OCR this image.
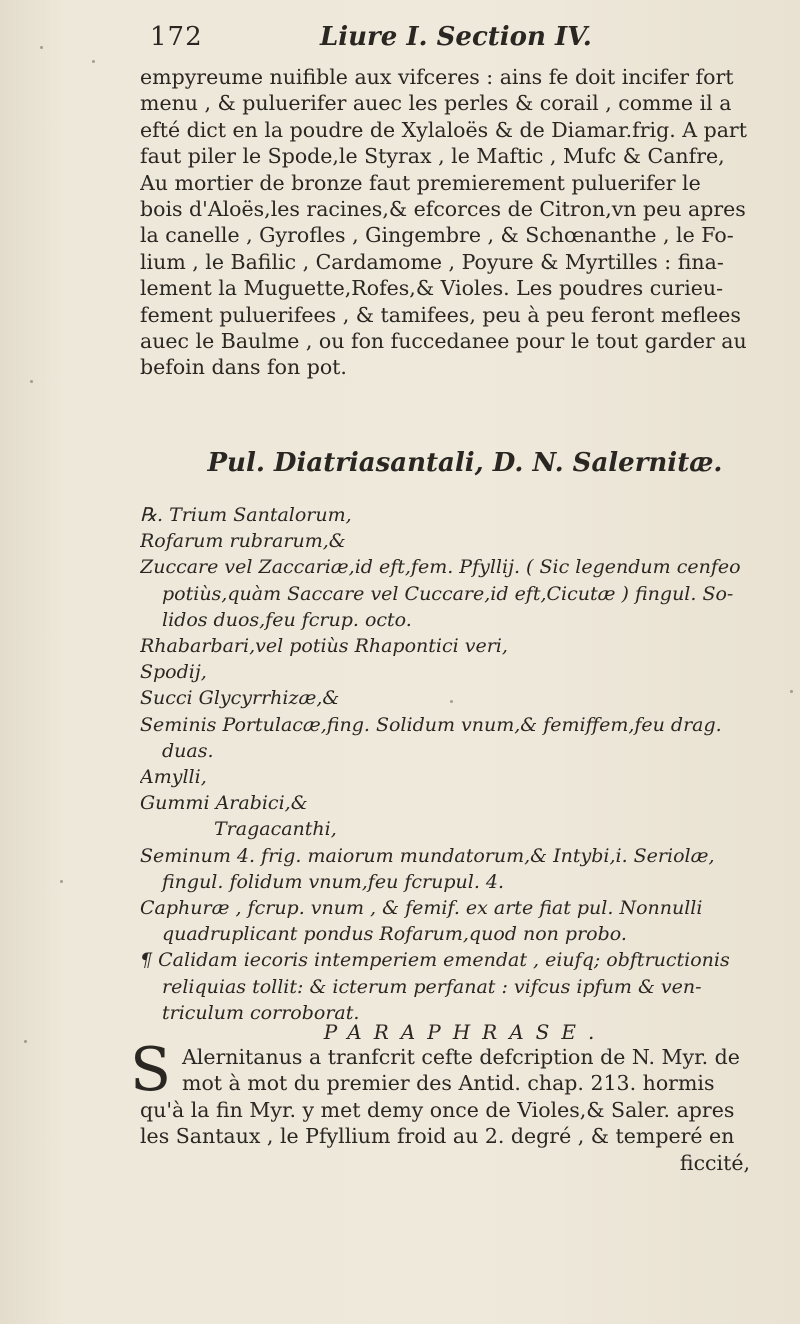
172	Liure I. Section IV.
empyreume nuifible aux vifceres : ains fe doit incifer fort
menu , & puluerifer auec les perles & corail , comme il a
efté dict en la poudre de Xylaloës & de Diamar.frig. A part
faut piler le Spode,le Styrax , le Maftic , Mufc & Canfre,
Au mortier de bronze faut premierement puluerifer le
bois d'Aloës,les racines,& efcorces de Citron,vn peu apres
la canelle , Gyrofles , Gingembre , & Schœnanthe , le Fo-
lium , le Bafilic , Cardamome , Poyure & Myrtilles : fina-
lement la Muguette,Rofes,& Violes. Les poudres curieu-
fement puluerifees , & tamifees, peu à peu feront meflees
auec le Baulme , ou fon fuccedanee pour le tout garder au
befoin dans fon pot.
Pul. Diatriasantali, D. N. Salernitæ.
℞. Trium Santalorum,
Rofarum rubrarum,&
Zuccare vel Zaccariæ,id eft,fem. Pfyllij. ( Sic legendum cenfeo
potiùs,quàm Saccare vel Cuccare,id eft,Cicutæ ) fingul. So-
lidos duos,feu fcrup. octo.
Rhabarbari,vel potiùs Rhapontici veri,
Spodij,
Succi Glycyrrhizæ,&
Seminis Portulacæ,fing. Solidum vnum,& femiffem,feu drag.
duas.
Amylli,
Gummi Arabici,&
Tragacanthi,
Seminum 4. frig. maiorum mundatorum,& Intybi,i. Seriolæ,
fingul. folidum vnum,feu fcrupul. 4.
Caphuræ , fcrup. vnum , & femif. ex arte fiat pul. Nonnulli
quadruplicant pondus Rofarum,quod non probo.
¶ Calidam iecoris intemperiem emendat , eiufq; obftructionis
reliquias tollit: & icterum perfanat : vifcus ipfum & ven-
triculum corroborat.
PARAPHRASE.
S Alernitanus a tranfcrit cefte defcription de N. Myr. de
mot à mot du premier des Antid. chap. 213. hormis
qu'à la fin Myr. y met demy once de Violes,& Saler. apres
les Santaux , le Pfyllium froid au 2. degré , & temperé en
ficcité,
